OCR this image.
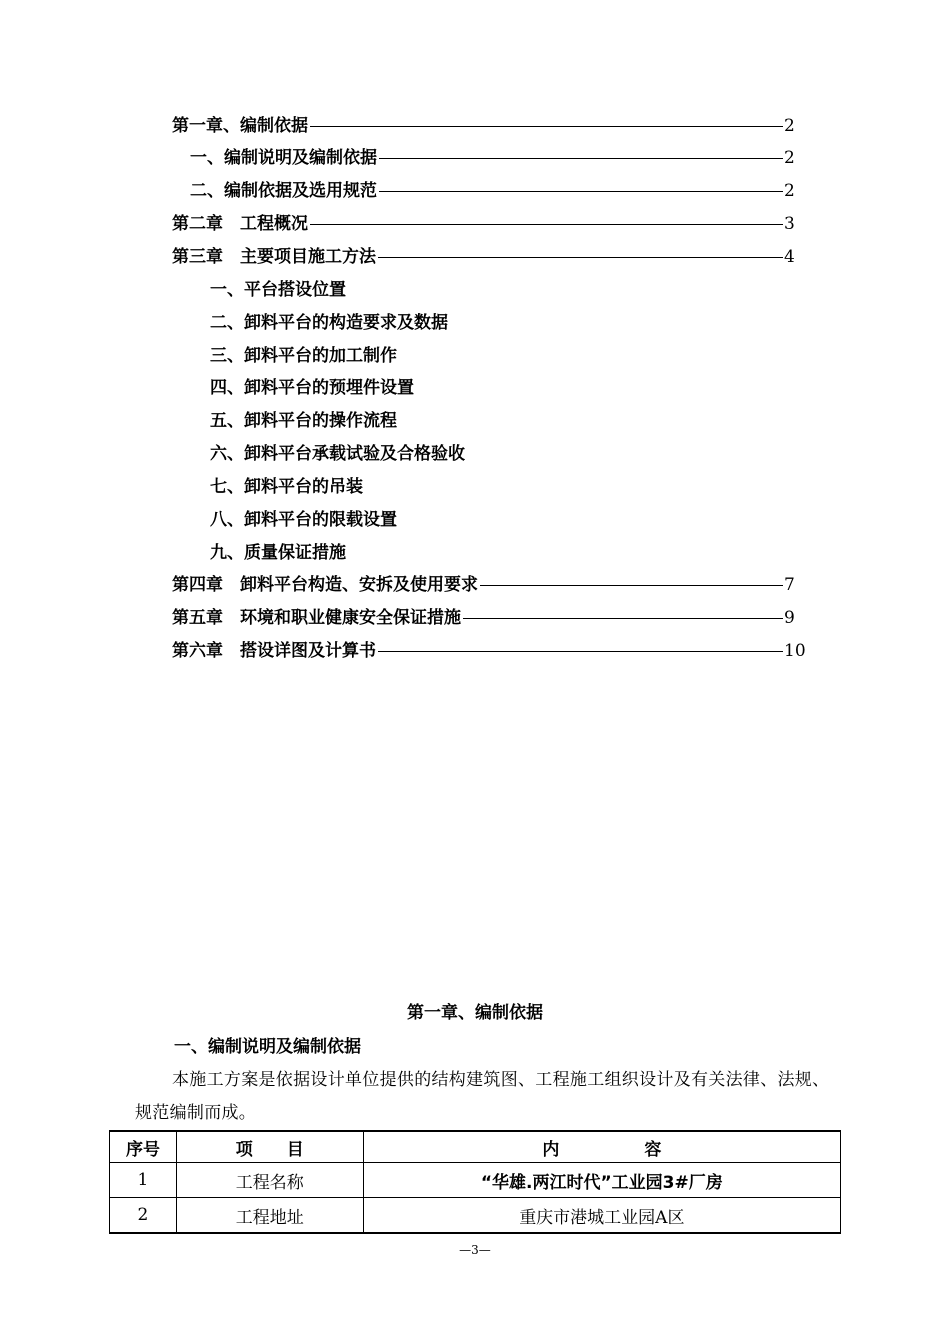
第一章、编制依据	2
一、编制说明及编制依据	2
二、编制依据及选用规范	2
第二章　工程概况	3
第三章　主要项目施工方法	4
一、平台搭设位置
二、卸料平台的构造要求及数据
三、卸料平台的加工制作
四、卸料平台的预埋件设置
五、卸料平台的操作流程
六、卸料平台承载试验及合格验收
七、卸料平台的吊装
八、卸料平台的限载设置
九、质量保证措施
第四章　卸料平台构造、安拆及使用要求	7
第五章　环境和职业健康安全保证措施	9
第六章　搭设详图及计算书	10
第一章、编制依据
一、编制说明及编制依据
本施工方案是依据设计单位提供的结构建筑图、工程施工组织设计及有关法律、法规、规范编制而成。
序号	项　　目	内　　　　　容
1	工程名称	“华雄.两江时代”工业园3#厂房
2	工程地址	重庆市港城工业园A区
—3—
